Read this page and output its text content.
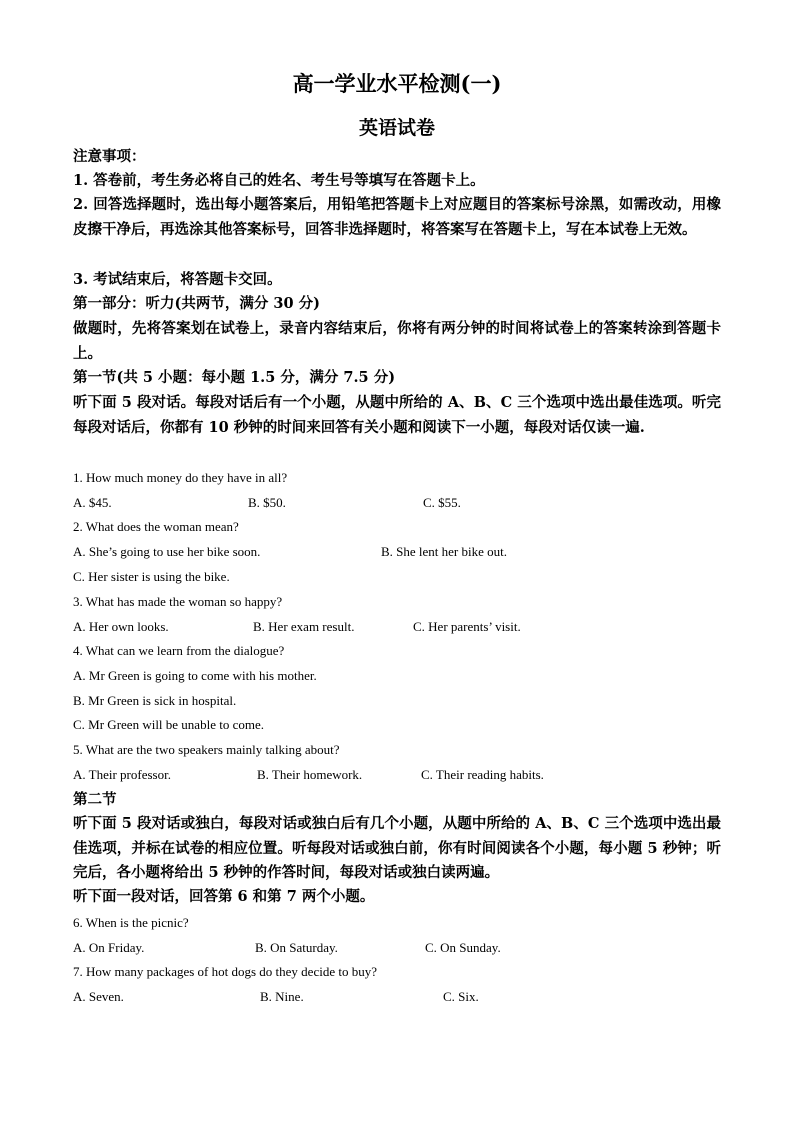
高一学业水平检测(一)
英语试卷
注意事项：
1. 答卷前，考生务必将自己的姓名、考生号等填写在答题卡上。
2. 回答选择题时，选出每小题答案后，用铅笔把答题卡上对应题目的答案标号涂黑，如需改动，用橡皮擦干净后，再选涂其他答案标号，回答非选择题时，将答案写在答题卡上，写在本试卷上无效。
3. 考试结束后，将答题卡交回。
第一部分：听力(共两节，满分 30 分)
做题时，先将答案划在试卷上，录音内容结束后，你将有两分钟的时间将试卷上的答案转涂到答题卡上。
第一节(共 5 小题：每小题 1.5 分，满分 7.5 分)
听下面 5 段对话。每段对话后有一个小题，从题中所给的 A、B、C 三个选项中选出最佳选项。听完每段对话后，你都有 10 秒钟的时间来回答有关小题和阅读下一小题，每段对话仅读一遍.
1. How much money do they have in all?
A. $45.	B. $50.	C. $55.
2. What does the woman mean?
A. She’s going to use her bike soon.	B. She lent her bike out.
C. Her sister is using the bike.
3. What has made the woman so happy?
A. Her own looks.	B. Her exam result.	C. Her parents’ visit.
4. What can we learn from the dialogue?
A. Mr Green is going to come with his mother.
B. Mr Green is sick in hospital.
C. Mr Green will be unable to come.
5. What are the two speakers mainly talking about?
A. Their professor.	B. Their homework.	C. Their reading habits.
第二节
听下面 5 段对话或独白，每段对话或独白后有几个小题，从题中所给的 A、B、C 三个选项中选出最佳选项，并标在试卷的相应位置。听每段对话或独白前，你有时间阅读各个小题，每小题 5 秒钟；听完后，各小题将给出 5 秒钟的作答时间，每段对话或独白读两遍。
听下面一段对话，回答第 6 和第 7 两个小题。
6. When is the picnic?
A. On Friday.	B. On Saturday.	C. On Sunday.
7. How many packages of hot dogs do they decide to buy?
A. Seven.	B. Nine.	C. Six.
